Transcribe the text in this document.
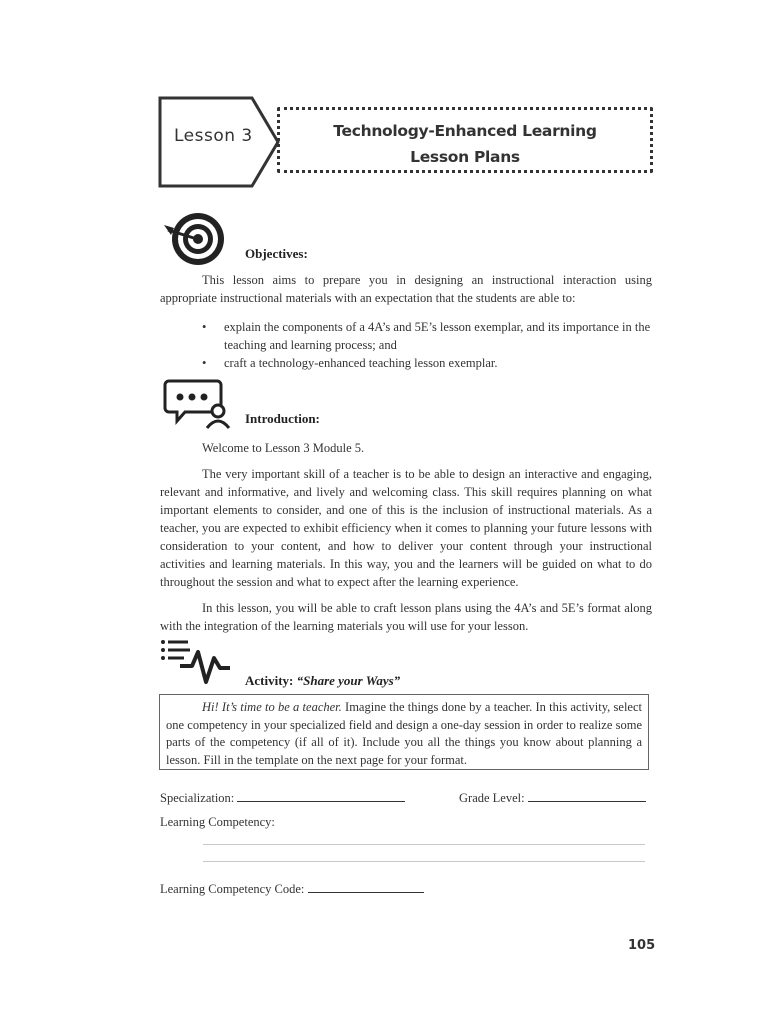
Lesson 3	Technology-Enhanced Learning
Lesson Plans
Objectives:
This lesson aims to prepare you in designing an instructional interaction using appropriate instructional materials with an expectation that the students are able to:
• explain the components of a 4A’s and 5E’s lesson exemplar, and its importance in the teaching and learning process; and
• craft a technology-enhanced teaching lesson exemplar.
Introduction:
Welcome to Lesson 3 Module 5.
The very important skill of a teacher is to be able to design an interactive and engaging, relevant and informative, and lively and welcoming class. This skill requires planning on what important elements to consider, and one of this is the inclusion of instructional materials. As a teacher, you are expected to exhibit efficiency when it comes to planning your future lessons with consideration to your content, and how to deliver your content through your instructional activities and learning materials. In this way, you and the learners will be guided on what to do throughout the session and what to expect after the learning experience.
In this lesson, you will be able to craft lesson plans using the 4A’s and 5E’s format along with the integration of the learning materials you will use for your lesson.
Activity: “Share your Ways”
Hi! It’s time to be a teacher. Imagine the things done by a teacher. In this activity, select one competency in your specialized field and design a one-day session in order to realize some parts of the competency (if all of it). Include you all the things you know about planning a lesson. Fill in the template on the next page for your format.
Specialization:	Grade Level:
Learning Competency:
Learning Competency Code:
105
